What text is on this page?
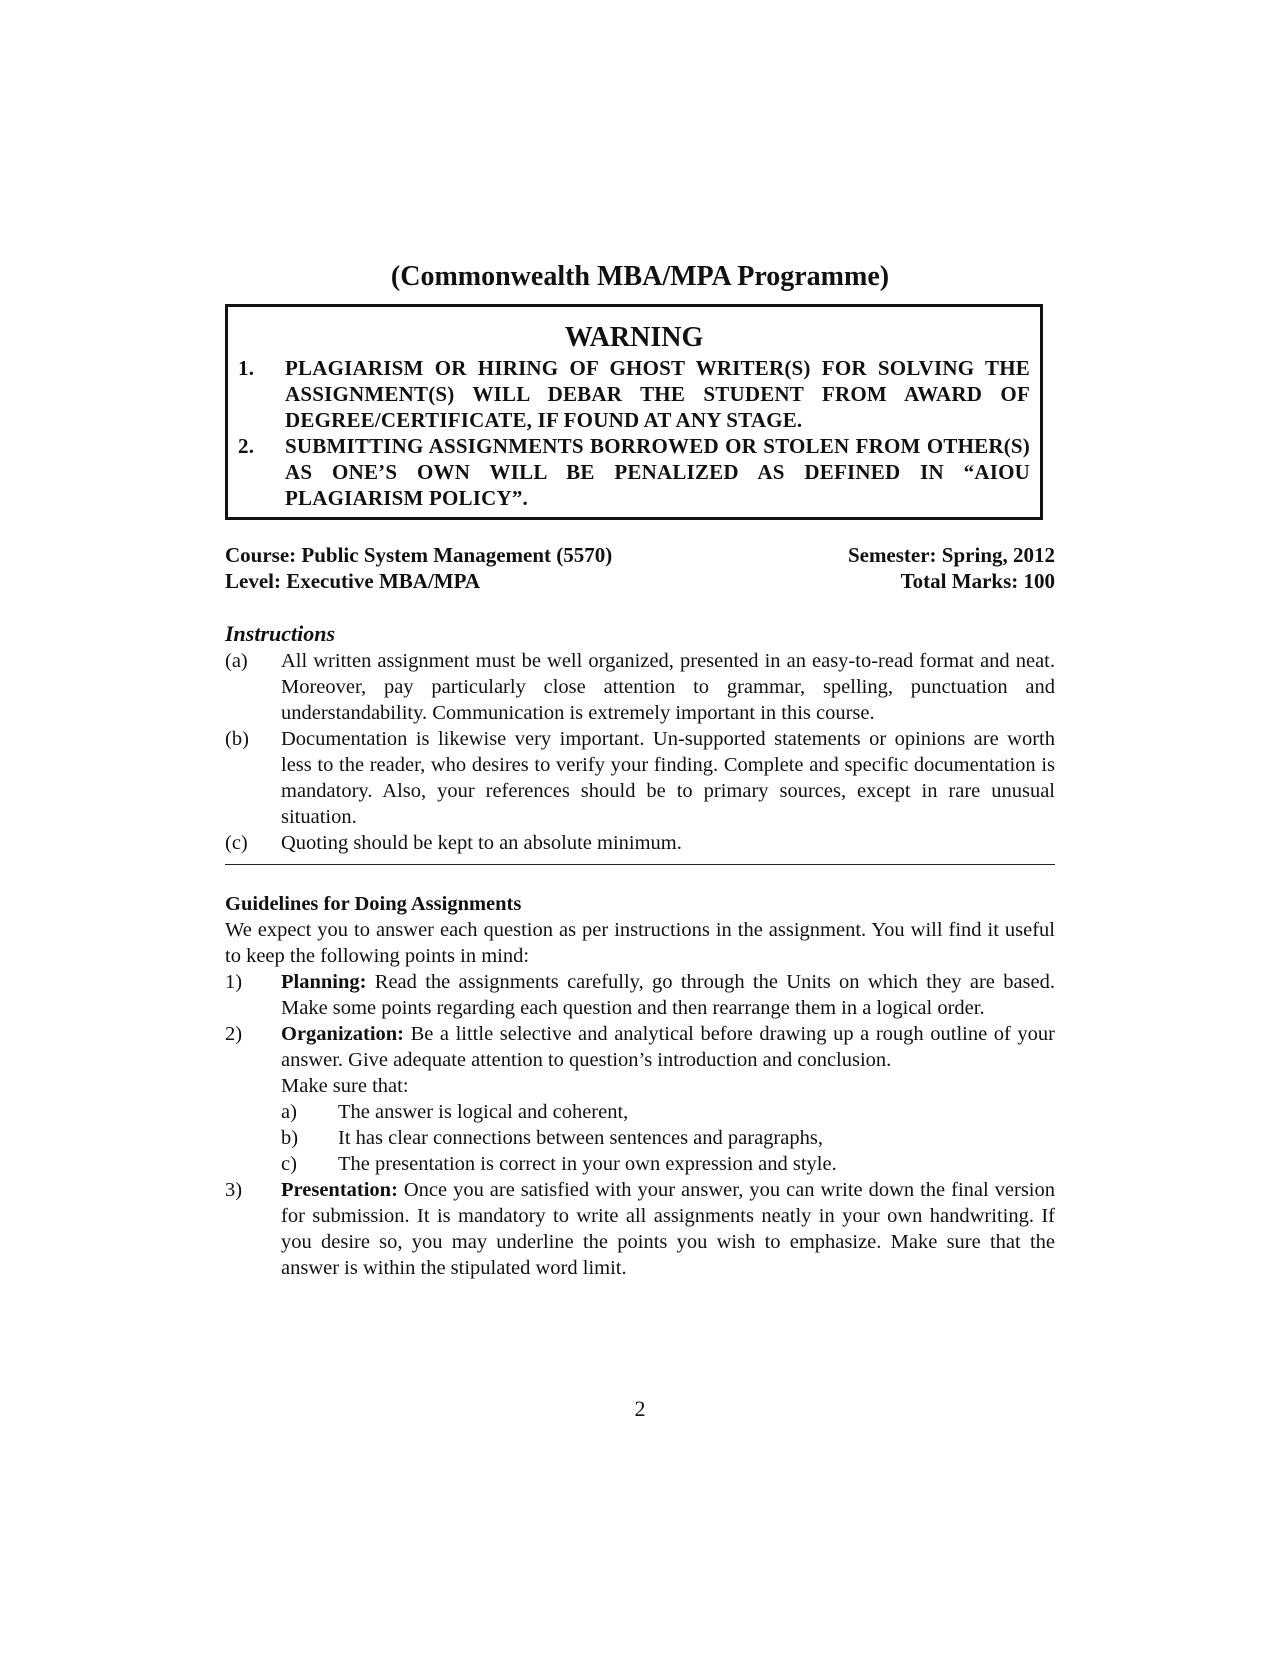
(Commonwealth MBA/MPA Programme)
WARNING
1.	PLAGIARISM OR HIRING OF GHOST WRITER(S) FOR SOLVING THE ASSIGNMENT(S) WILL DEBAR THE STUDENT FROM AWARD OF DEGREE/CERTIFICATE, IF FOUND AT ANY STAGE.
2.	SUBMITTING ASSIGNMENTS BORROWED OR STOLEN FROM OTHER(S) AS ONE’S OWN WILL BE PENALIZED AS DEFINED IN “AIOU PLAGIARISM POLICY”.
Course: Public System Management (5570)
Level: Executive MBA/MPA
Semester: Spring, 2012
Total Marks: 100
Instructions
(a)	All written assignment must be well organized, presented in an easy-to-read format and neat. Moreover, pay particularly close attention to grammar, spelling, punctuation and understandability. Communication is extremely important in this course.
(b)	Documentation is likewise very important. Un-supported statements or opinions are worth less to the reader, who desires to verify your finding. Complete and specific documentation is mandatory. Also, your references should be to primary sources, except in rare unusual situation.
(c)	Quoting should be kept to an absolute minimum.
Guidelines for Doing Assignments
We expect you to answer each question as per instructions in the assignment. You will find it useful to keep the following points in mind:
1)	Planning: Read the assignments carefully, go through the Units on which they are based. Make some points regarding each question and then rearrange them in a logical order.
2)	Organization: Be a little selective and analytical before drawing up a rough outline of your answer. Give adequate attention to question’s introduction and conclusion.
Make sure that:
a)	The answer is logical and coherent,
b)	It has clear connections between sentences and paragraphs,
c)	The presentation is correct in your own expression and style.
3)	Presentation: Once you are satisfied with your answer, you can write down the final version for submission. It is mandatory to write all assignments neatly in your own handwriting. If you desire so, you may underline the points you wish to emphasize. Make sure that the answer is within the stipulated word limit.
2
